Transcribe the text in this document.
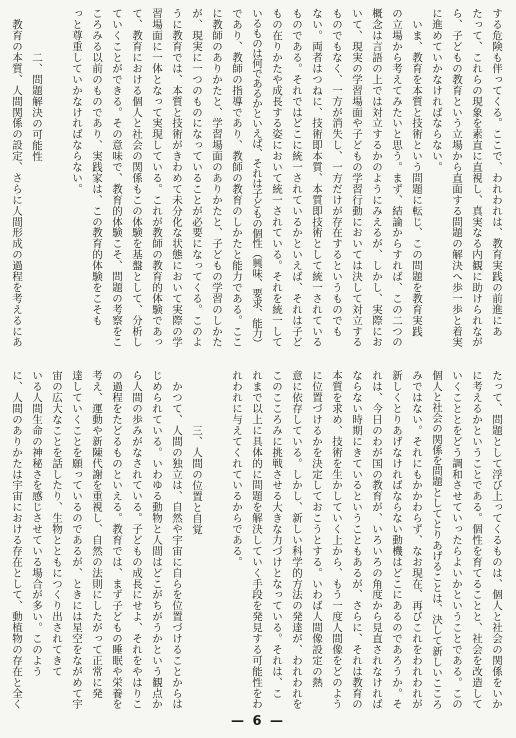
する危険も伴ってくる。ここで、われわれは、教育実践の前進にあ

たって、これらの現象を素直に直視し、真実なる内観に助けられなが

ら、子どもの教育という立場から直面する問題の解決へ歩一歩と着実

に進めていかなければならない。

　いま、教育を本質と技術という問題に転じ、この問題を教育実践

の立場から考えてみたいと思う。まず、結論からすれば、この二つの

概念は言語の上では対立するかのようにみえるが、しかし、実際にお

いて、現実の学習場面や子どもの学習行動においては決して対立する

ものでもなく、一方が消失し、一方だけが存在するというものでも

ない。両者はつねに、技術即本質、本質即技術として統一されている

ものである。それではどこに統一されているかといえば、それは子ど

もの在りかたや成長する姿において統一されている。それを統一して

いるものは何であるかといえば、それは子どもの個性（興味、要求、能力）

であり、教師の指導であり、教師の教育のしかたと能力である。ここ

に教師のありかたと、学習場面のありかたと、子どもの学習のしかた

が、現実に一つのものになっていることが必要になってくる。このよ

うに教育では、本質と技術がきわめて未分化な状態において実際の学

習場面に一体となって実現している。これが教師の教育的体験であっ

て、教育における個人と社会の関係もこの体験を基盤として、分析し

ていくことができる。その意味で、教育的体験こそ、問題の考察をこ

ころみる以前のものであり、実践家は、この教育的体験をこそも

っと尊重していかなければならない。

二、問題解決の可能性

　教育の本質、人間関係の設定、さらに人間形成の過程を考えるにあ

たって、問題として浮び上ってくるものは、個人と社会の関係をいか

に考えるかということである。個性を育てることと、社会を改造して

いくこととをどう調和させていったらよいかということである。この

個人と社会の関係を問題としてとりあげることは、決して新しいこころ

みではない。それにもかかわらず、なお現在、再びこれをわれわれが

新しくとりあげなければならない動機はどこにあるのであろうか。そ

れは、今日のわが国の教育が、いろいろの角度から見直されなければ

ならない時期にきているということもあるが、さらに、それは教育の

本質を求め、技術を生かしていく上から、もう一度人間像をどのよう

に位置づけるかを決定しておこうとする。いわば人間像設定の熱

意に依存している。しかし、新しい科学的方法の発達が、われわれを

このこころみに挑戦させる大きな力づけとなっている。それは、こ

れまで以上に具体的に問題を解決していく手段を発見する可能性をわ

れわれに与えてくれているからである。

三、人間の位置と自覚

　かつて、人間の独立は、自然や宇宙に自らを位置づけることからは

じめられている。いわゆる動物と人間はどこがちがうかという観点か

ら人間の歩みがなされている。子どもの成長にせよ、それをやはりこ

の過程をたどるものといえる。教育では、まず子どもの睡眠や栄養を

考え、運動や新陳代謝を重視し、自然の法則にしたがって正常に発

達していくことを願っているのであるが、ときには星空をながめて宇

宙の広大なことを話したり、生物とともにつくり出されてきて

いる人間生命の神秘さを感じさせている場合が多い。このよう

に、人間のありかたは宇宙における存在として、動植物の存在と全く

— 6 —
